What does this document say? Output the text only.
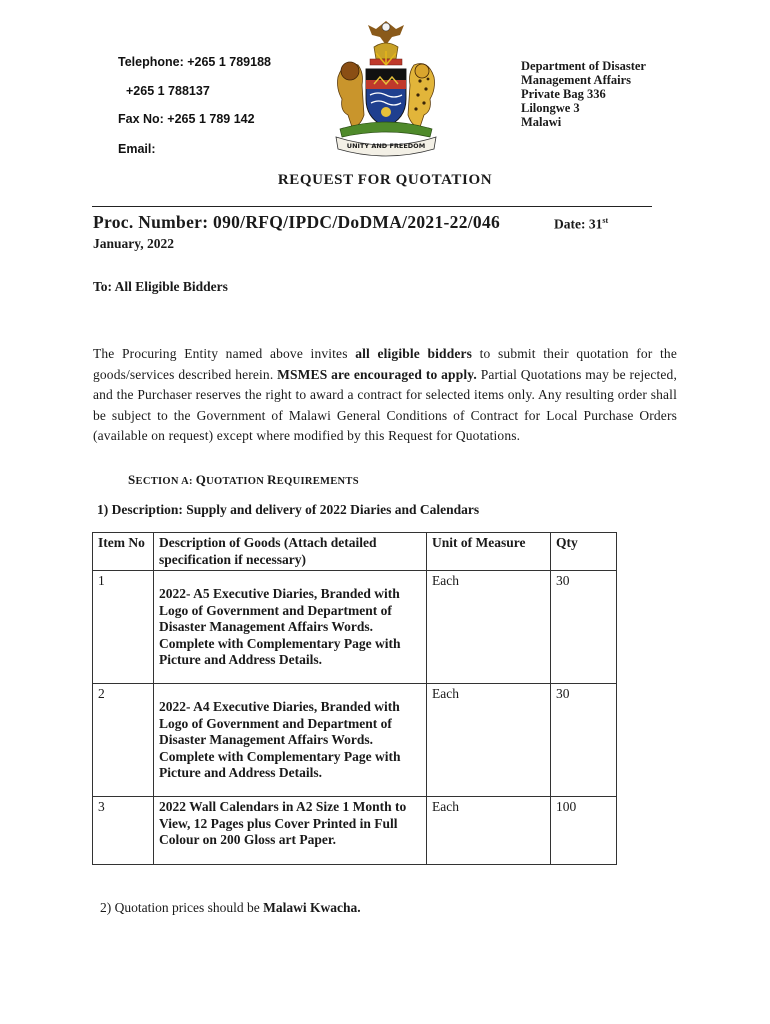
Telephone: +265 1 789188
+265 1 788137
Fax No: +265 1 789 142
Email:	UNITY AND FREEDOM
Department of Disaster
Management Affairs
Private Bag 336
Lilongwe 3
Malawi
REQUEST FOR QUOTATION
Proc. Number: 090/RFQ/IPDC/DoDMA/2021-22/046	Date: 31st
January, 2022
To: All Eligible Bidders
The Procuring Entity named above invites all eligible bidders to submit their quotation for the goods/services described herein. MSMES are encouraged to apply. Partial Quotations may be rejected, and the Purchaser reserves the right to award a contract for selected items only. Any resulting order shall be subject to the Government of Malawi General Conditions of Contract for Local Purchase Orders (available on request) except where modified by this Request for Quotations.
SECTION A: QUOTATION REQUIREMENTS
1) Description: Supply and delivery of 2022 Diaries and Calendars
Item No	Description of Goods (Attach detailed specification if necessary)	Unit of Measure	Qty
1	2022- A5 Executive Diaries, Branded with Logo of Government and Department of Disaster Management Affairs Words. Complete with Complementary Page with Picture and Address Details.	Each	30
2	2022- A4 Executive Diaries, Branded with Logo of Government and Department of Disaster Management Affairs Words. Complete with Complementary Page with Picture and Address Details.	Each	30
3	2022 Wall Calendars in A2 Size 1 Month to View, 12 Pages plus Cover Printed in Full Colour on 200 Gloss art Paper.	Each	100
2) Quotation prices should be Malawi Kwacha.
